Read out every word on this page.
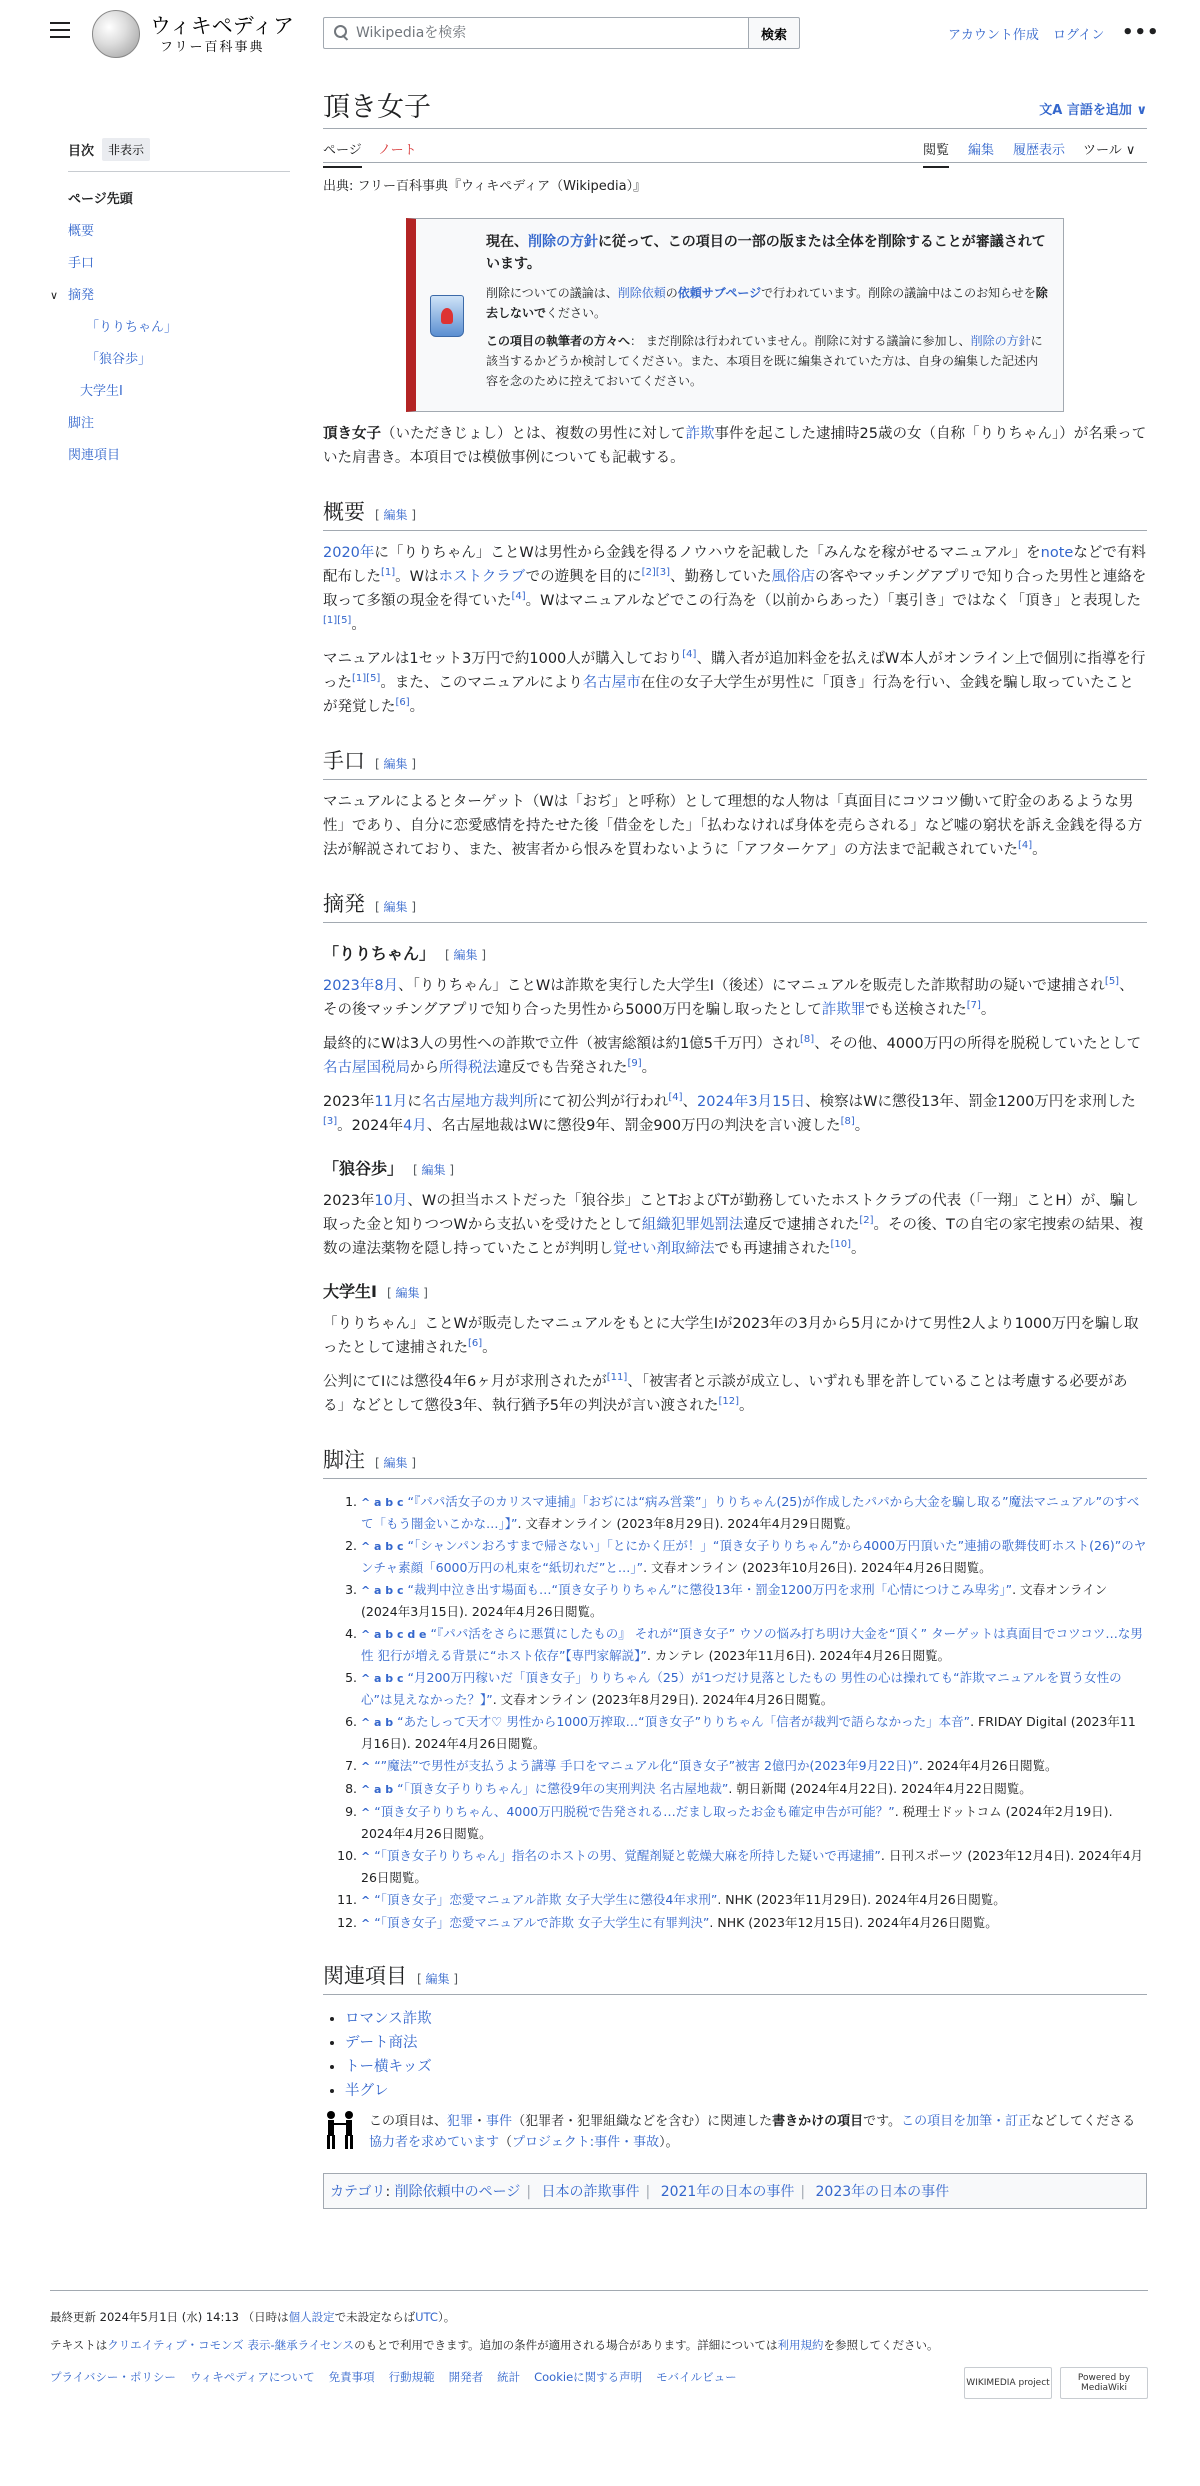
ウィキペディア
フリー百科事典
Wikipediaを検索
検索	アカウント作成 ログイン •••
目次	非表示
ページ先頭
概要
手口
∨ 摘発
「りりちゃん」
「狼谷歩」
大学生I
脚注
関連項目
頂き女子	文A 言語を追加 ∨
ページ ノート	閲覧 編集 履歴表示 ツール ∨
出典: フリー百科事典『ウィキペディア（Wikipedia）』
現在、削除の方針に従って、この項目の一部の版または全体を削除することが審議されています。

削除についての議論は、削除依頼の依頼サブページで行われています。削除の議論中はこのお知らせを除去しないでください。

この項目の執筆者の方々へ： まだ削除は行われていません。削除に対する議論に参加し、削除の方針に該当するかどうか検討してください。また、本項目を既に編集されていた方は、自身の編集した記述内容を念のために控えておいてください。

頂き女子（いただきじょし）とは、複数の男性に対して詐欺事件を起こした逮捕時25歳の女（自称「りりちゃん」）が名乗っていた肩書き。本項目では模倣事例についても記載する。

概要 [ 編集 ]

2020年に「りりちゃん」ことWは男性から金銭を得るノウハウを記載した「みんなを稼がせるマニュアル」をnoteなどで有料配布した[1]。Wはホストクラブでの遊興を目的に[2][3]、勤務していた風俗店の客やマッチングアプリで知り合った男性と連絡を取って多額の現金を得ていた[4]。Wはマニュアルなどでこの行為を（以前からあった）「裏引き」ではなく「頂き」と表現した[1][5]。

マニュアルは1セット3万円で約1000人が購入しており[4]、購入者が追加料金を払えばW本人がオンライン上で個別に指導を行った[1][5]。また、このマニュアルにより名古屋市在住の女子大学生が男性に「頂き」行為を行い、金銭を騙し取っていたことが発覚した[6]。

手口 [ 編集 ]

マニュアルによるとターゲット（Wは「おぢ」と呼称）として理想的な人物は「真面目にコツコツ働いて貯金のあるような男性」であり、自分に恋愛感情を持たせた後「借金をした」「払わなければ身体を売らされる」など嘘の窮状を訴え金銭を得る方法が解説されており、また、被害者から恨みを買わないように「アフターケア」の方法まで記載されていた[4]。

摘発 [ 編集 ]
「りりちゃん」 [ 編集 ]

2023年8月、「りりちゃん」ことWは詐欺を実行した大学生I（後述）にマニュアルを販売した詐欺幇助の疑いで逮捕され[5]、その後マッチングアプリで知り合った男性から5000万円を騙し取ったとして詐欺罪でも送検された[7]。

最終的にWは3人の男性への詐欺で立件（被害総額は約1億5千万円）され[8]、その他、4000万円の所得を脱税していたとして名古屋国税局から所得税法違反でも告発された[9]。

2023年11月に名古屋地方裁判所にて初公判が行われ[4]、2024年3月15日、検察はWに懲役13年、罰金1200万円を求刑した[3]。2024年4月、名古屋地裁はWに懲役9年、罰金900万円の判決を言い渡した[8]。

「狼谷歩」 [ 編集 ]

2023年10月、Wの担当ホストだった「狼谷歩」ことTおよびTが勤務していたホストクラブの代表（「一翔」ことH）が、騙し取った金と知りつつWから支払いを受けたとして組織犯罪処罰法違反で逮捕された[2]。その後、Tの自宅の家宅捜索の結果、複数の違法薬物を隠し持っていたことが判明し覚せい剤取締法でも再逮捕された[10]。

大学生I [ 編集 ]

「りりちゃん」ことWが販売したマニュアルをもとに大学生Iが2023年の3月から5月にかけて男性2人より1000万円を騙し取ったとして逮捕された[6]。

公判にてIには懲役4年6ヶ月が求刑されたが[11]、「被害者と示談が成立し、いずれも罪を許していることは考慮する必要がある」などとして懲役3年、執行猶予5年の判決が言い渡された[12]。

脚注 [ 編集 ]
1. ^ a b c “『パパ活女子のカリスマ連捕』「おぢには“病み営業”」りりちゃん(25)が作成したパパから大金を騙し取る”魔法マニュアル”のすべて「もう闇金いこかな…」】”. 文春オンライン (2023年8月29日). 2024年4月29日閲覧。
2. ^ a b c “「シャンパンおろすまで帰さない」「とにかく圧が！」“頂き女子りりちゃん”から4000万円頂いた”連捕の歌舞伎町ホスト(26)”のヤンチャ素顔「6000万円の札束を“紙切れだ”と…」”. 文春オンライン (2023年10月26日). 2024年4月26日閲覧。
3. ^ a b c “裁判中泣き出す場面も…“頂き女子りりちゃん”に懲役13年・罰金1200万円を求刑「心情につけこみ卑劣」”. 文春オンライン (2024年3月15日). 2024年4月26日閲覧。
4. ^ a b c d e “『パパ活をさらに悪質にしたもの』 それが“頂き女子” ウソの悩み打ち明け大金を“頂く” ターゲットは真面目でコツコツ…な男性 犯行が増える背景に“ホスト依存”【専門家解説】”. カンテレ (2023年11月6日). 2024年4月26日閲覧。
5. ^ a b c “月200万円稼いだ「頂き女子」りりちゃん（25）が1つだけ見落としたもの 男性の心は操れても“詐欺マニュアルを買う女性の心”は見えなかった？】”. 文春オンライン (2023年8月29日). 2024年4月26日閲覧。
6. ^ a b “あたしって天才♡ 男性から1000万搾取…“頂き女子”りりちゃん「信者が裁判で語らなかった」本音”. FRIDAY Digital (2023年11月16日). 2024年4月26日閲覧。
7. ^ “”魔法”で男性が支払うよう講導 手口をマニュアル化“頂き女子”被害 2億円か(2023年9月22日)”. 2024年4月26日閲覧。
8. ^ a b “「頂き女子りりちゃん」に懲役9年の実刑判決 名古屋地裁”. 朝日新聞 (2024年4月22日). 2024年4月22日閲覧。
9. ^ “頂き女子りりちゃん、4000万円脱税で告発される…だまし取ったお金も確定申告が可能？”. 税理士ドットコム (2024年2月19日). 2024年4月26日閲覧。
10. ^ “「頂き女子りりちゃん」指名のホストの男、覚醒剤疑と乾燥大麻を所持した疑いで再逮捕”. 日刊スポーツ (2023年12月4日). 2024年4月26日閲覧。
11. ^ “「頂き女子」恋愛マニュアル詐欺 女子大学生に懲役4年求刑”. NHK (2023年11月29日). 2024年4月26日閲覧。
12. ^ “「頂き女子」恋愛マニュアルで詐欺 女子大学生に有罪判決”. NHK (2023年12月15日). 2024年4月26日閲覧。
関連項目 [ 編集 ]
• ロマンス詐欺
• デート商法
• トー横キッズ
• 半グレ
この項目は、犯罪・事件（犯罪者・犯罪組織などを含む）に関連した書きかけの項目です。この項目を加筆・訂正などしてくださる協力者を求めています（プロジェクト:事件・事故）。
カテゴリ: 削除依頼中のページ | 日本の詐欺事件 | 2021年の日本の事件 | 2023年の日本の事件
最終更新 2024年5月1日 (水) 14:13 （日時は個人設定で未設定ならばUTC）。
テキストはクリエイティブ・コモンズ 表示-継承ライセンスのもとで利用できます。追加の条件が適用される場合があります。詳細については利用規約を参照してください。
プライバシー・ポリシー ウィキペディアについて 免責事項 行動規範 開発者 統計 Cookieに関する声明 モバイルビュー	WIKIMEDIA project	Powered by MediaWiki
